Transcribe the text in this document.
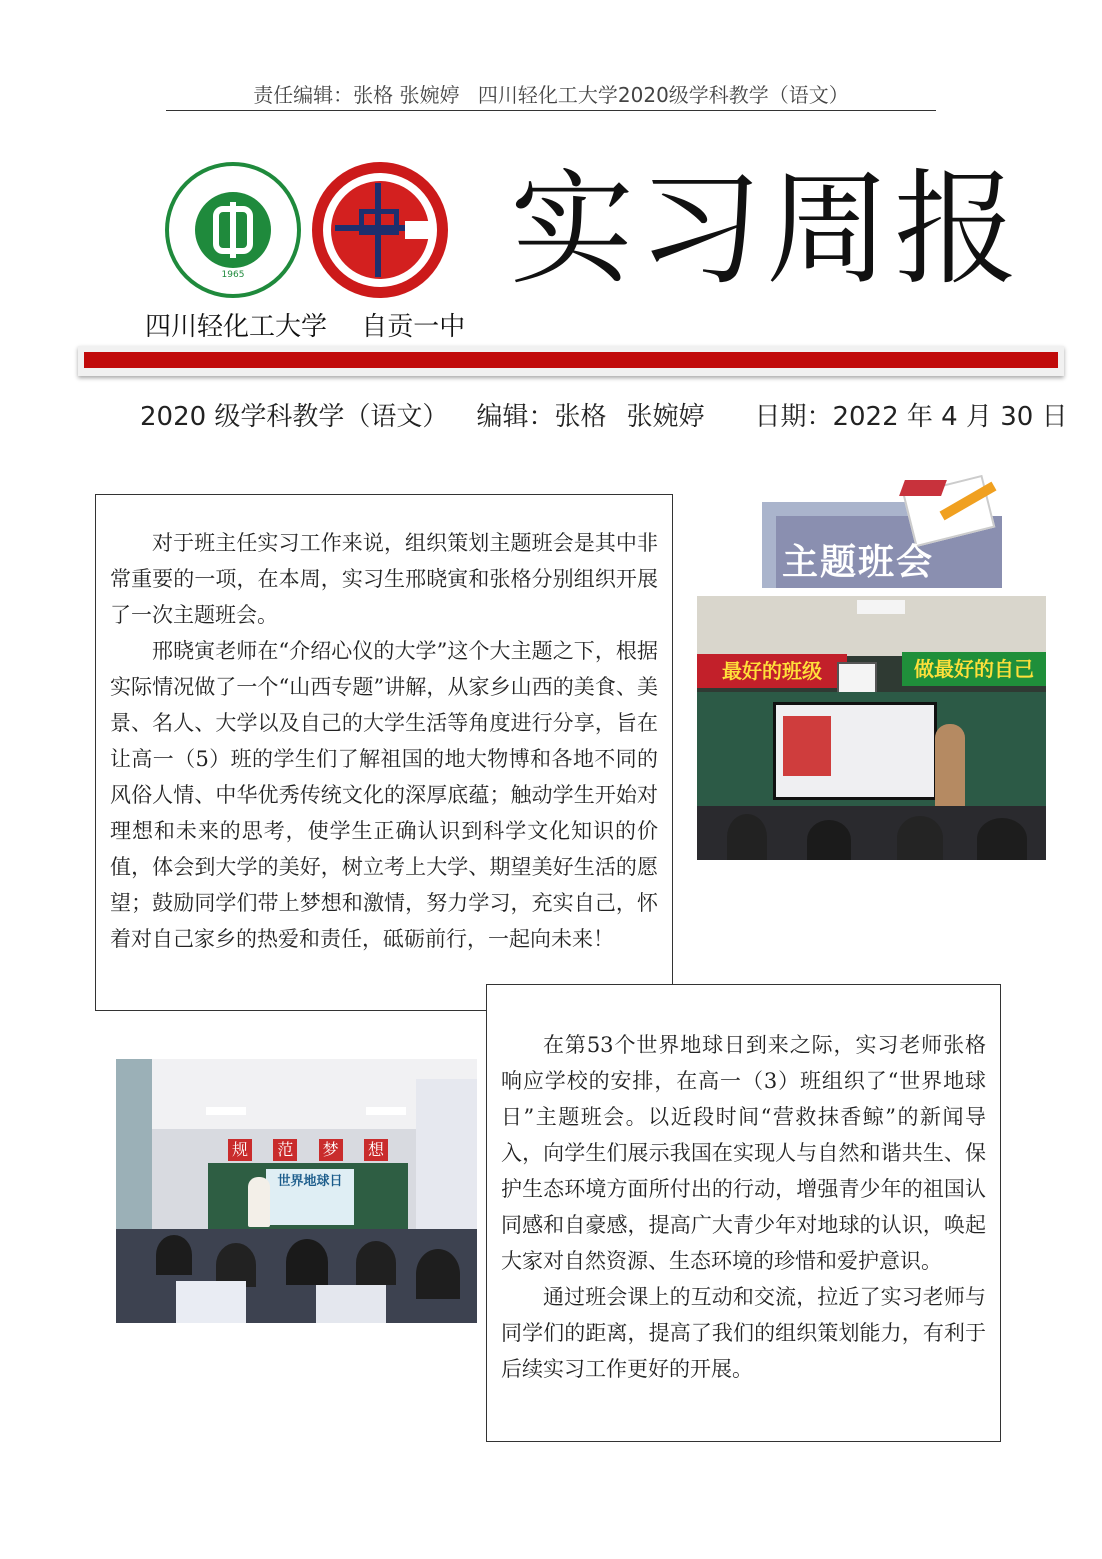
责任编辑：张格 张婉婷 四川轻化工大学2020级学科教学（语文）
1965	实习周报
四川轻化工大学 自贡一中
2020 级学科教学（语文） 编辑：张格 张婉婷 日期：2022 年 4 月 30 日

对于班主任实习工作来说，组织策划主题班会是其中非常重要的一项，在本周，实习生邢晓寅和张格分别组织开展了一次主题班会。

邢晓寅老师在“介绍心仪的大学”这个大主题之下，根据实际情况做了一个“山西专题”讲解，从家乡山西的美食、美景、名人、大学以及自己的大学生活等角度进行分享，旨在让高一（5）班的学生们了解祖国的地大物博和各地不同的风俗人情、中华优秀传统文化的深厚底蕴；触动学生开始对理想和未来的思考，使学生正确认识到科学文化知识的价值，体会到大学的美好，树立考上大学、期望美好生活的愿望；鼓励同学们带上梦想和激情，努力学习，充实自己，怀着对自己家乡的热爱和责任，砥砺前行，一起向未来！

主题班会
最好的班级	做最好的自己
规 范 梦 想
世界地球日

在第53个世界地球日到来之际，实习老师张格响应学校的安排，在高一（3）班组织了“世界地球日”主题班会。以近段时间“营救抹香鲸”的新闻导入，向学生们展示我国在实现人与自然和谐共生、保护生态环境方面所付出的行动，增强青少年的祖国认同感和自豪感，提高广大青少年对地球的认识，唤起大家对自然资源、生态环境的珍惜和爱护意识。

通过班会课上的互动和交流，拉近了实习老师与同学们的距离，提高了我们的组织策划能力，有利于后续实习工作更好的开展。
